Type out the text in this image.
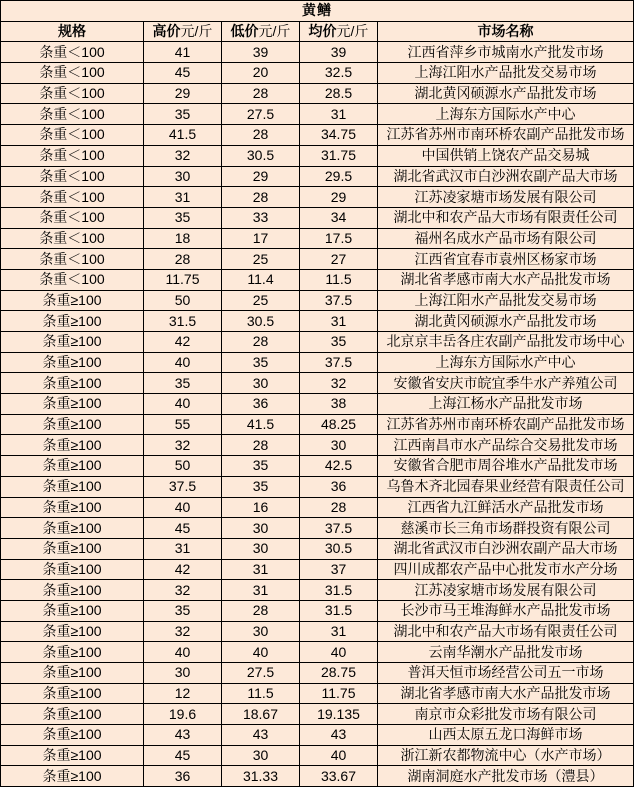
黄鳝				
规格	高价元/斤	低价元/斤	均价元/斤	市场名称
条重＜100	41	39	39	江西省萍乡市城南水产批发市场
条重＜100	45	20	32.5	上海江阳水产品批发交易市场
条重＜100	29	28	28.5	湖北黄冈硕源水产品批发市场
条重＜100	35	27.5	31	上海东方国际水产中心
条重＜100	41.5	28	34.75	江苏省苏州市南环桥农副产品批发市场
条重＜100	32	30.5	31.75	中国供销上饶农产品交易城
条重＜100	30	29	29.5	湖北省武汉市白沙洲农副产品大市场
条重＜100	31	28	29	江苏凌家塘市场发展有限公司
条重＜100	35	33	34	湖北中和农产品大市场有限责任公司
条重＜100	18	17	17.5	福州名成水产品市场有限公司
条重＜100	28	25	27	江西省宜春市袁州区杨家市场
条重＜100	11.75	11.4	11.5	湖北省孝感市南大水产品批发市场
条重≥100	50	25	37.5	上海江阳水产品批发交易市场
条重≥100	31.5	30.5	31	湖北黄冈硕源水产品批发市场
条重≥100	42	28	35	北京京丰岳各庄农副产品批发市场中心
条重≥100	40	35	37.5	上海东方国际水产中心
条重≥100	35	30	32	安徽省安庆市皖宜季牛水产养殖公司
条重≥100	40	36	38	上海江杨水产品批发市场
条重≥100	55	41.5	48.25	江苏省苏州市南环桥农副产品批发市场
条重≥100	32	28	30	江西南昌市水产品综合交易批发市场
条重≥100	50	35	42.5	安徽省合肥市周谷堆水产品批发市场
条重≥100	37.5	35	36	乌鲁木齐北园春果业经营有限责任公司
条重≥100	40	16	28	江西省九江鲜活水产品批发市场
条重≥100	45	30	37.5	慈溪市长三角市场群投资有限公司
条重≥100	31	30	30.5	湖北省武汉市白沙洲农副产品大市场
条重≥100	42	31	37	四川成都农产品中心批发市水产分场
条重≥100	32	31	31.5	江苏凌家塘市场发展有限公司
条重≥100	35	28	31.5	长沙市马王堆海鲜水产品批发市场
条重≥100	32	30	31	湖北中和农产品大市场有限责任公司
条重≥100	40	40	40	云南华潮水产品批发市场
条重≥100	30	27.5	28.75	普洱天恒市场经营公司五一市场
条重≥100	12	11.5	11.75	湖北省孝感市南大水产品批发市场
条重≥100	19.6	18.67	19.135	南京市众彩批发市场有限公司
条重≥100	43	43	43	山西太原五龙口海鲜市场
条重≥100	45	30	40	浙江新农都物流中心（水产市场）
条重≥100	36	31.33	33.67	湖南洞庭水产批发市场（澧县）
